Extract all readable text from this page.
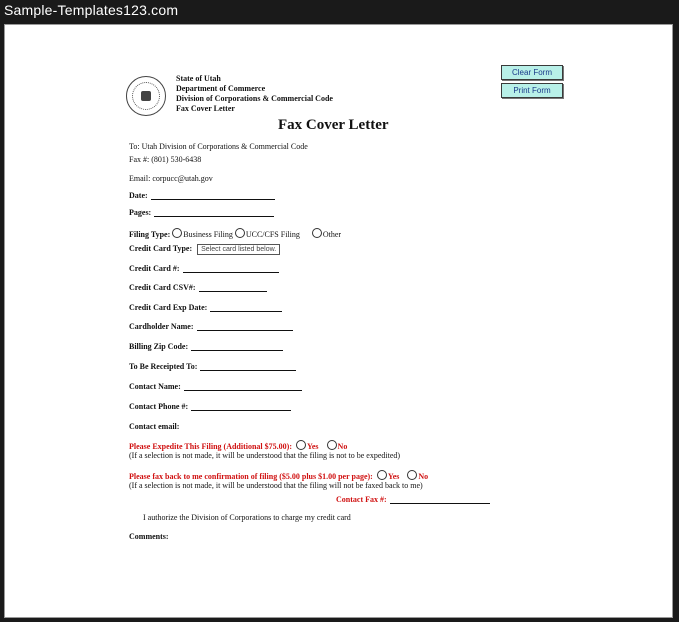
Sample-Templates123.com
State of Utah
Department of Commerce
Division of Corporations & Commercial Code
Fax Cover Letter
Clear Form
Print Form
Fax Cover Letter
To: Utah Division of Corporations & Commercial Code
Fax #: (801) 530-6438
Email: corpucc@utah.gov
Date:
Pages:
Filing Type: Business Filing UCC/CFS Filing	Other
Credit Card Type: Select card listed below.
Credit Card #:
Credit Card CSV#:
Credit Card Exp Date:
Cardholder Name:
Billing Zip Code:
To Be Receipted To:
Contact Name:
Contact Phone #:
Contact email:
Please Expedite This Filing (Additional $75.00): Yes No
(If a selection is not made, it will be understood that the filing is not to be expedited)
Please fax back to me confirmation of filing ($5.00 plus $1.00 per page): Yes No
(If a selection is not made, it will be understood that the filing will not be faxed back to me)
Contact Fax #:
I authorize the Division of Corporations to charge my credit card
Comments:
